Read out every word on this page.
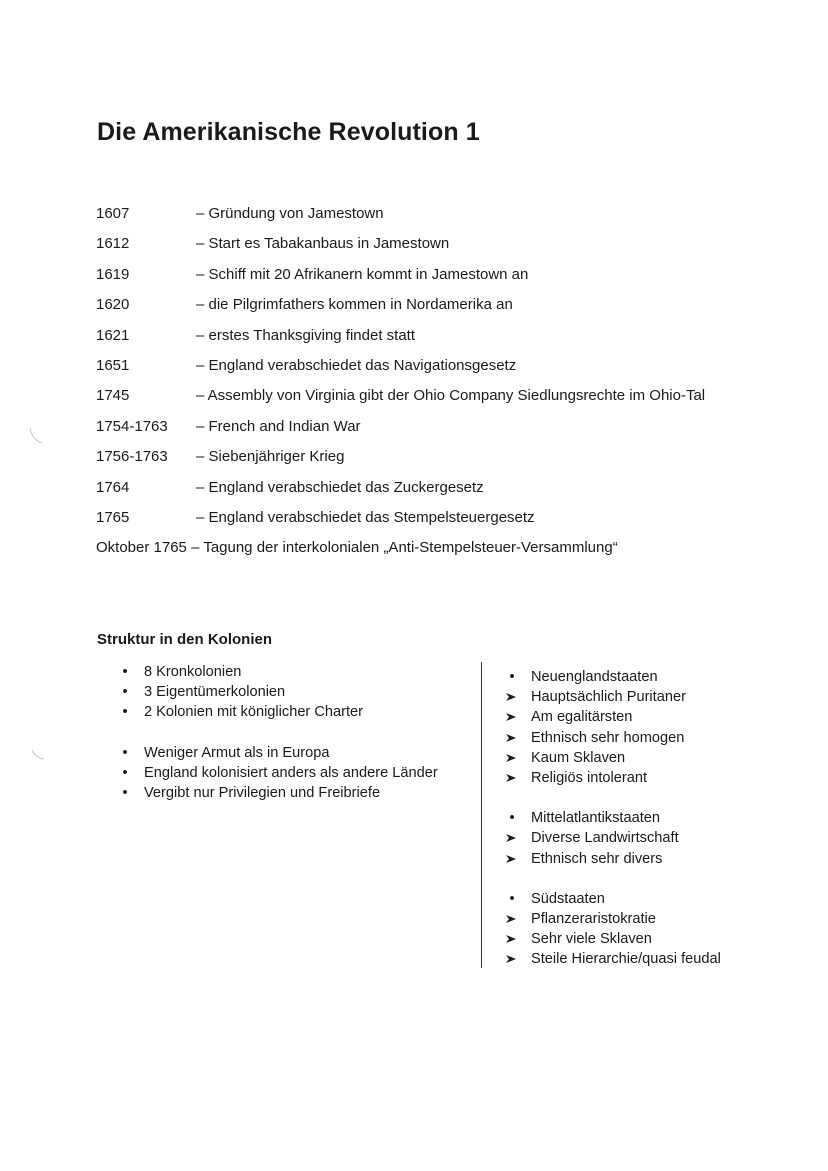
Die Amerikanische Revolution 1
1607	– Gründung von Jamestown
1612	– Start es Tabakanbaus in Jamestown
1619	– Schiff mit 20 Afrikanern kommt in Jamestown an
1620	– die Pilgrimfathers kommen in Nordamerika an
1621	– erstes Thanksgiving findet statt
1651	– England verabschiedet das Navigationsgesetz
1745	– Assembly von Virginia gibt der Ohio Company Siedlungsrechte im Ohio-Tal
1754-1763 – French and Indian War
1756-1763 – Siebenjähriger Krieg
1764	– England verabschiedet das Zuckergesetz
1765	– England verabschiedet das Stempelsteuergesetz
Oktober 1765 – Tagung der interkolonialen „Anti-Stempelsteuer-Versammlung“
Struktur in den Kolonien
•	8 Kronkolonien
•	3 Eigentümerkolonien
•	2 Kolonien mit königlicher Charter
•	Weniger Armut als in Europa
•	England kolonisiert anders als andere Länder
•	Vergibt nur Privilegien und Freibriefe
•	Neuenglandstaaten
Hauptsächlich Puritaner
Am egalitärsten
Ethnisch sehr homogen
Kaum Sklaven
Religiös intolerant
•	Mittelatlantikstaaten
Diverse Landwirtschaft
Ethnisch sehr divers
•	Südstaaten
Pflanzeraristokratie
Sehr viele Sklaven
Steile Hierarchie/quasi feudal
